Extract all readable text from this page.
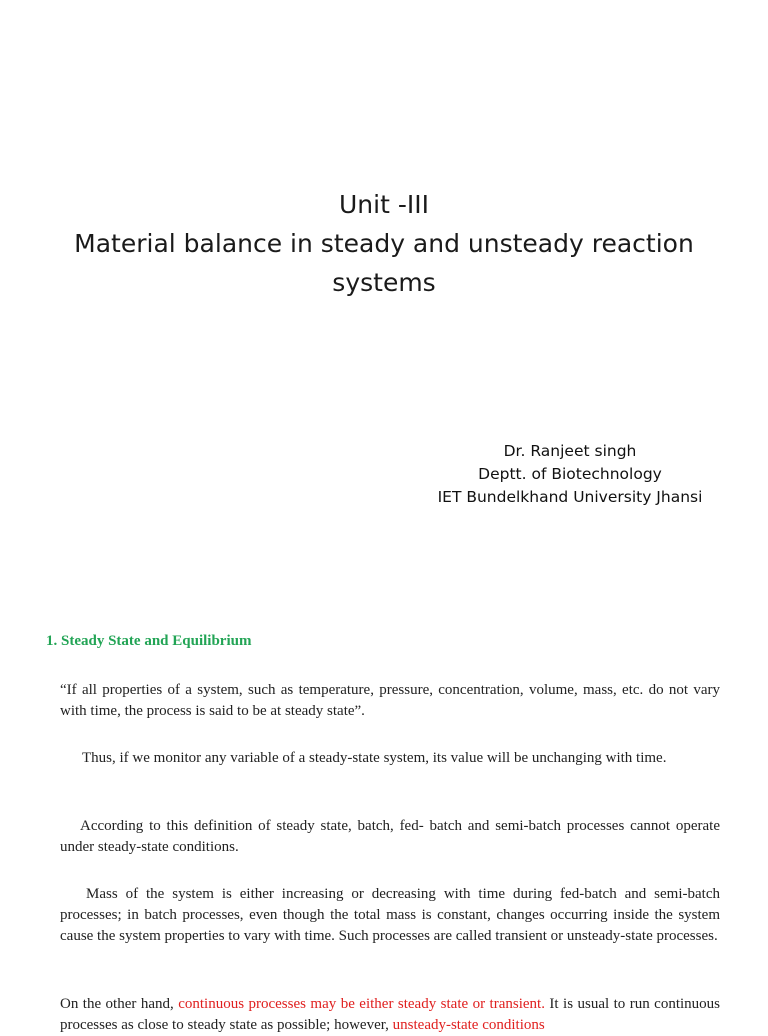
Unit -III
Material balance in steady and unsteady reaction
systems
Dr. Ranjeet singh
Deptt. of Biotechnology
IET Bundelkhand University Jhansi
1. Steady State and Equilibrium

“If all properties of a system, such as temperature, pressure, concentration, volume, mass, etc. do not vary with time, the process is said to be at steady state”.

Thus, if we monitor any variable of a steady-state system, its value will be unchanging with time.

According to this definition of steady state, batch, fed- batch and semi-batch processes cannot operate under steady-state conditions.

Mass of the system is either increasing or decreasing with time during fed-batch and semi-batch processes; in batch processes, even though the total mass is constant, changes occurring inside the system cause the system properties to vary with time. Such processes are called transient or unsteady-state processes.

On the other hand, continuous processes may be either steady state or transient. It is usual to run continuous processes as close to steady state as possible; however, unsteady-state conditions
